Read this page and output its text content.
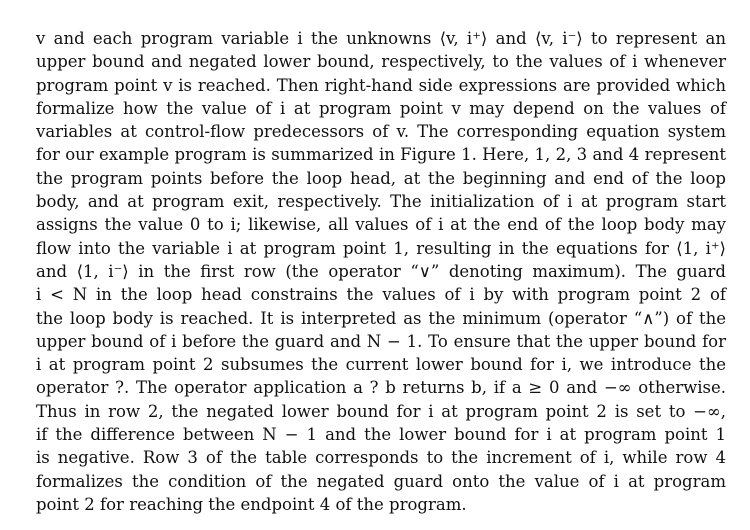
v and each program variable i the unknowns ⟨v, i⁺⟩ and ⟨v, i⁻⟩ to represent an
upper bound and negated lower bound, respectively, to the values of i whenever
program point v is reached. Then right-hand side expressions are provided which
formalize how the value of i at program point v may depend on the values of
variables at control-flow predecessors of v. The corresponding equation system
for our example program is summarized in Figure 1. Here, 1, 2, 3 and 4 represent
the program points before the loop head, at the beginning and end of the loop
body, and at program exit, respectively. The initialization of i at program start
assigns the value 0 to i; likewise, all values of i at the end of the loop body may
flow into the variable i at program point 1, resulting in the equations for ⟨1, i⁺⟩
and ⟨1, i⁻⟩ in the first row (the operator “∨” denoting maximum). The guard
i < N in the loop head constrains the values of i by with program point 2 of
the loop body is reached. It is interpreted as the minimum (operator “∧”) of the
upper bound of i before the guard and N − 1. To ensure that the upper bound for
i at program point 2 subsumes the current lower bound for i, we introduce the
operator ?. The operator application a ? b returns b, if a ≥ 0 and −∞ otherwise.
Thus in row 2, the negated lower bound for i at program point 2 is set to −∞,
if the difference between N − 1 and the lower bound for i at program point 1
is negative. Row 3 of the table corresponds to the increment of i, while row 4
formalizes the condition of the negated guard onto the value of i at program
point 2 for reaching the endpoint 4 of the program.
